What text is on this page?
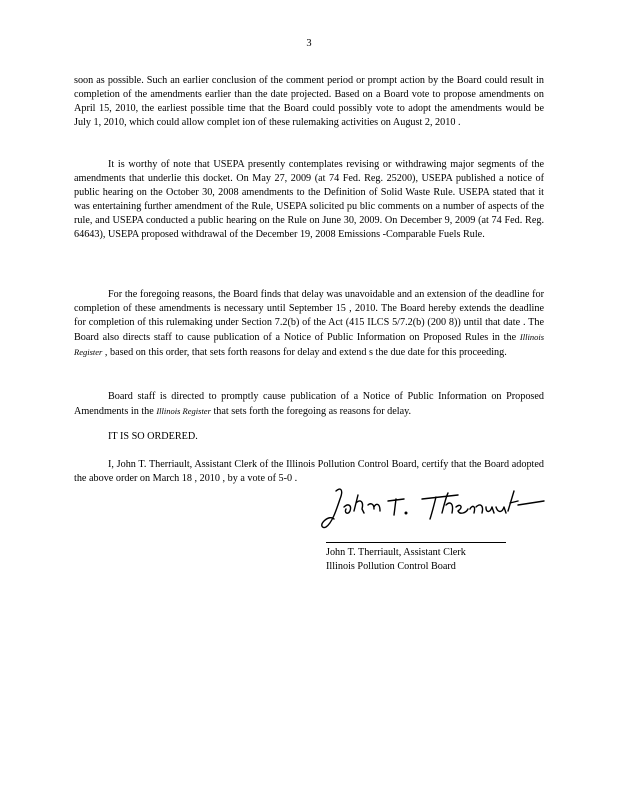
3

soon as possible. Such an earlier conclusion of the comment period or prompt action by the Board could result in completion of the amendments earlier than the date projected. Based on a Board vote to propose amendments on April 15, 2010, the earliest possible time that the Board could possibly vote to adopt the amendments would be July 1, 2010, which could allow complet ion of these rulemaking activities on August 2, 2010 .

It is worthy of note that USEPA presently contemplates revising or withdrawing major segments of the amendments that underlie this docket. On May 27, 2009 (at 74 Fed. Reg. 25200), USEPA published a notice of public hearing on the October 30, 2008 amendments to the Definition of Solid Waste Rule. USEPA stated that it was entertaining further amendment of the Rule, USEPA solicited pu blic comments on a number of aspects of the rule, and USEPA conducted a public hearing on the Rule on June 30, 2009. On December 9, 2009 (at 74 Fed. Reg. 64643), USEPA proposed withdrawal of the December 19, 2008 Emissions -Comparable Fuels Rule.

For the foregoing reasons, the Board finds that delay was unavoidable and an extension of the deadline for completion of these amendments is necessary until September 15 , 2010. The Board hereby extends the deadline for completion of this rulemaking under Section 7.2(b) of the Act (415 ILCS 5/7.2(b) (200 8)) until that date . The Board also directs staff to cause publication of a Notice of Public Information on Proposed Rules in the Illinois Register , based on this order, that sets forth reasons for delay and extend s the due date for this proceeding.

Board staff is directed to promptly cause publication of a Notice of Public Information on Proposed Amendments in the Illinois Register that sets forth the foregoing as reasons for delay.

IT IS SO ORDERED.

I, John T. Therriault, Assistant Clerk of the Illinois Pollution Control Board, certify that the Board adopted the above order on March 18 , 2010 , by a vote of 5-0 .

John T. Therriault, Assistant Clerk
Illinois Pollution Control Board
